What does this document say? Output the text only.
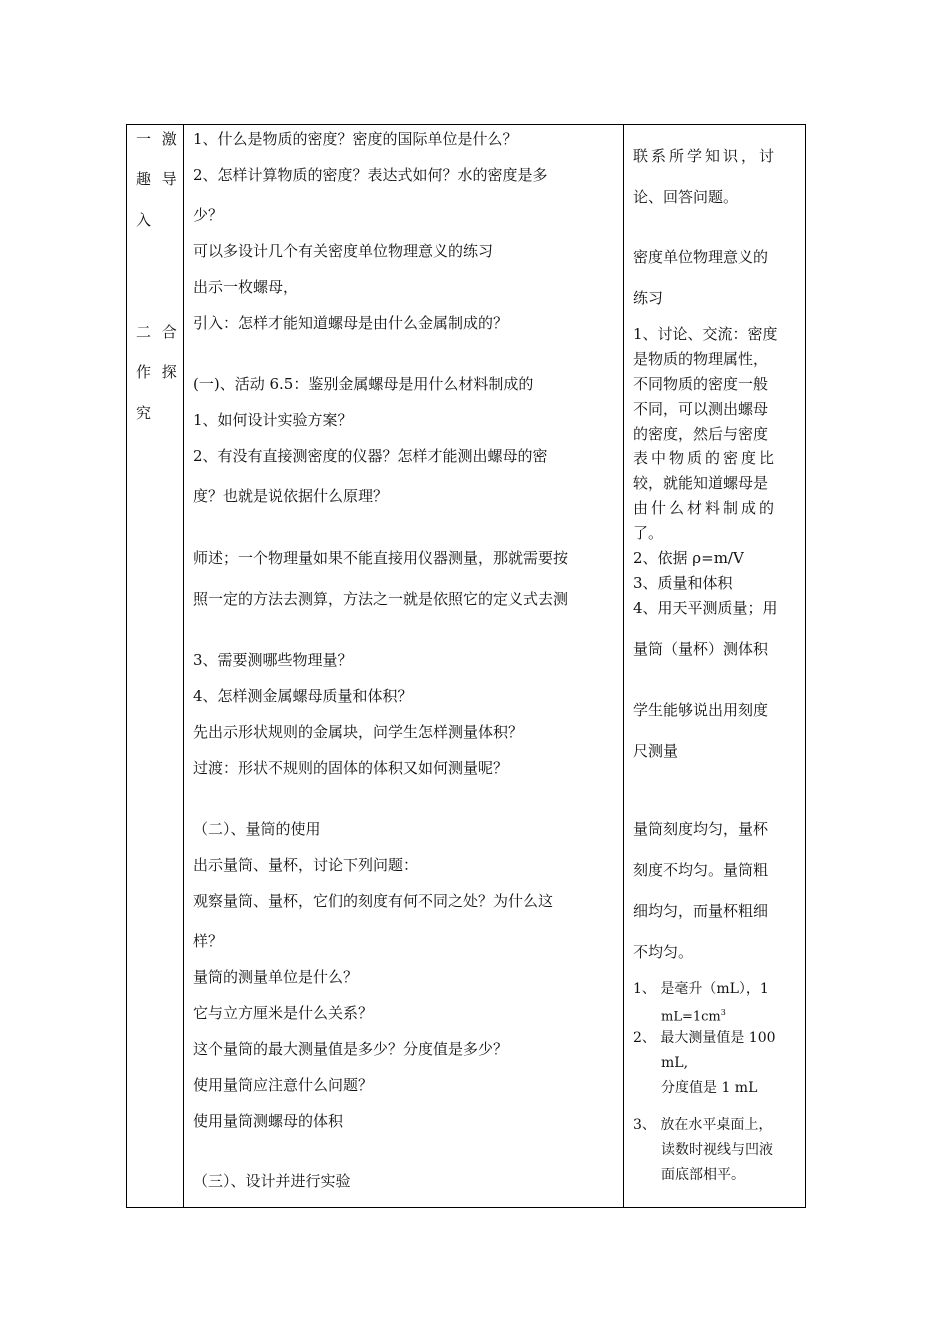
一 激
趣 导
入
二 合
作 探
究
1、什么是物质的密度？密度的国际单位是什么？
2、怎样计算物质的密度？表达式如何？水的密度是多
少？
可以多设计几个有关密度单位物理意义的练习
出示一枚螺母，
引入：怎样才能知道螺母是由什么金属制成的？
(一)、活动 6.5：鉴别金属螺母是用什么材料制成的
1、如何设计实验方案？
2、有没有直接测密度的仪器？怎样才能测出螺母的密
度？也就是说依据什么原理？
师述；一个物理量如果不能直接用仪器测量，那就需要按
照一定的方法去测算，方法之一就是依照它的定义式去测
3、需要测哪些物理量？
4、怎样测金属螺母质量和体积？
先出示形状规则的金属块，问学生怎样测量体积？
过渡：形状不规则的固体的体积又如何测量呢？
（二）、量筒的使用
出示量筒、量杯，讨论下列问题：
观察量筒、量杯，它们的刻度有何不同之处？为什么这
样？
量筒的测量单位是什么？
它与立方厘米是什么关系？
这个量筒的最大测量值是多少？分度值是多少？
使用量筒应注意什么问题？
使用量筒测螺母的体积
（三）、设计并进行实验
联系所学知识，讨
论、回答问题。
密度单位物理意义的
练习
1、讨论、交流：密度
是物质的物理属性，
不同物质的密度一般
不同，可以测出螺母
的密度，然后与密度
表中物质的密度比
较，就能知道螺母是
由什么材料制成的
了。
2、依据 ρ=m/V
3、质量和体积
4、用天平测质量；用
量筒（量杯）测体积
学生能够说出用刻度
尺测量
量筒刻度均匀，量杯
刻度不均匀。量筒粗
细均匀，而量杯粗细
不均匀。
1、 是毫升（mL），1
$mL=1cm^3$
2、 最大测量值是 100
mL,
分度值是 1 mL
3、 放在水平桌面上，
读数时视线与凹液
面底部相平。
